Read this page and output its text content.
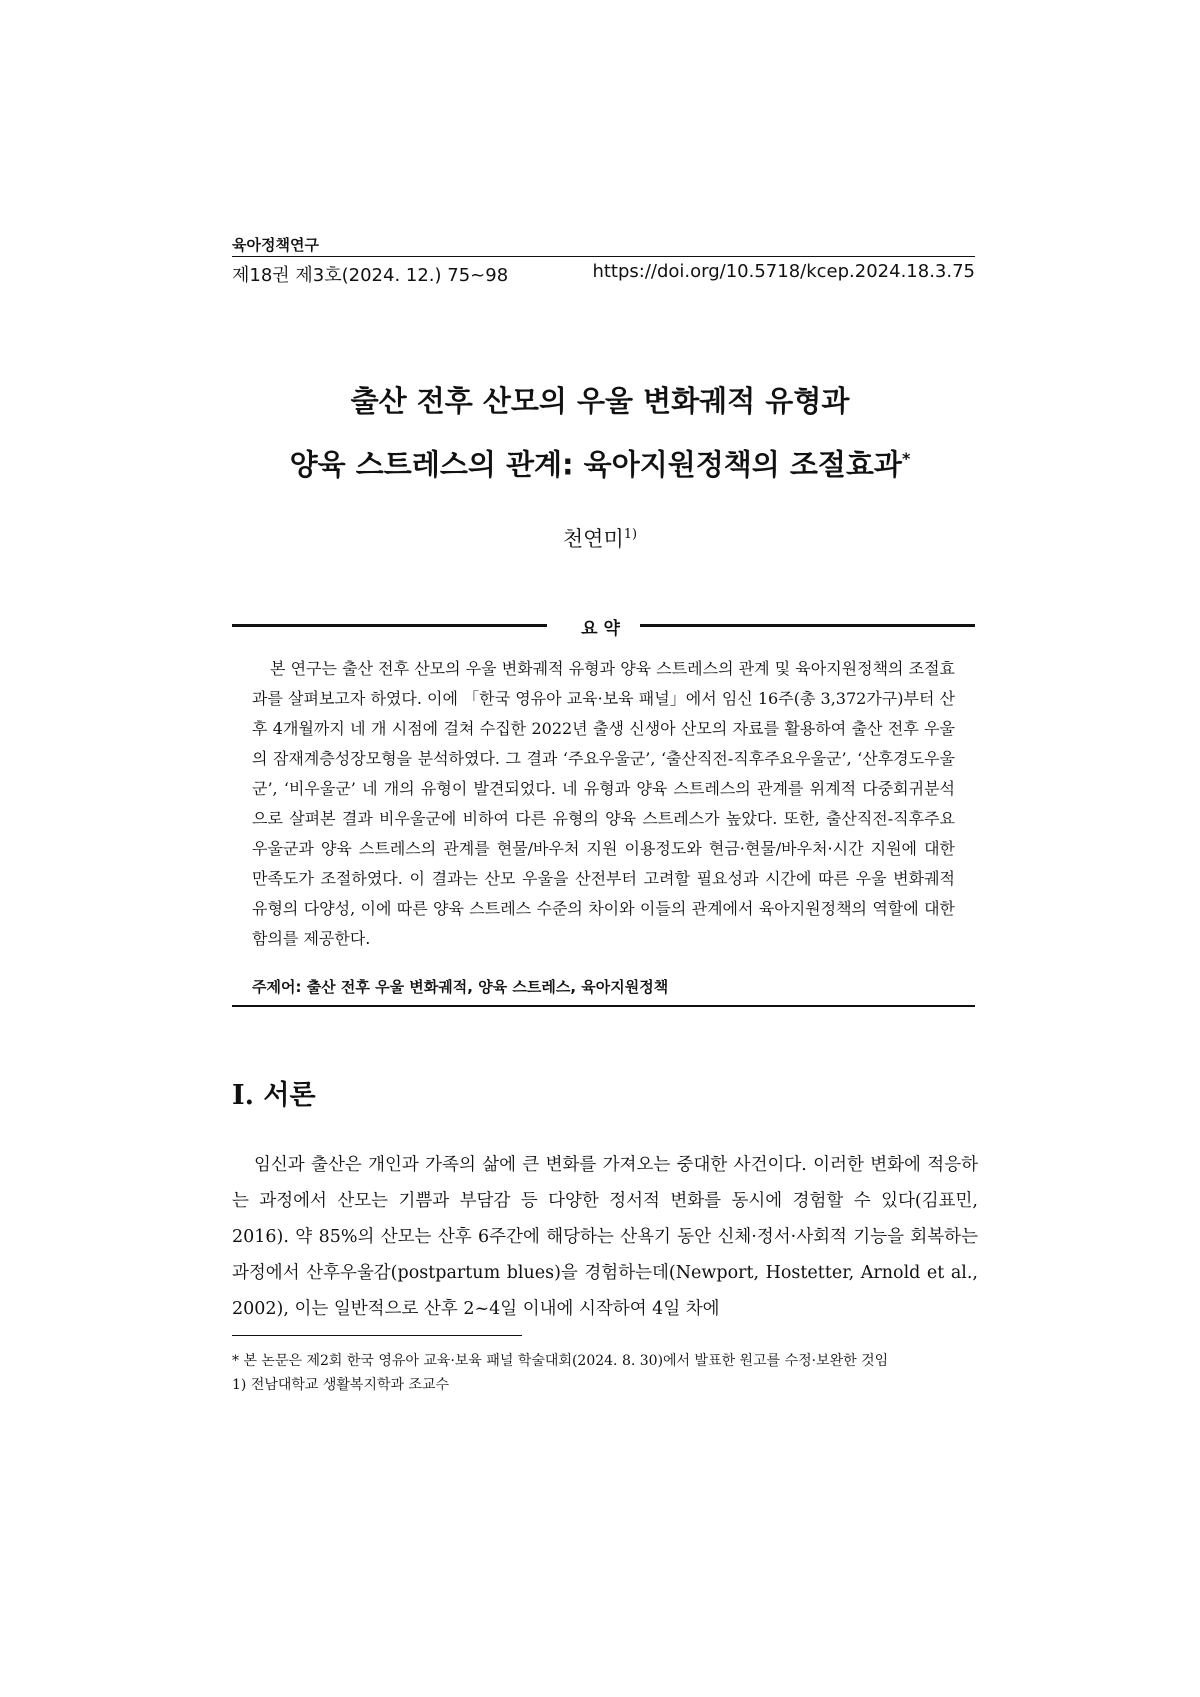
육아정책연구
제18권 제3호(2024. 12.) 75~98	https://doi.org/10.5718/kcep.2024.18.3.75
출산 전후 산모의 우울 변화궤적 유형과
양육 스트레스의 관계: 육아지원정책의 조절효과*
천연미$^{1)}$
요약

본 연구는 출산 전후 산모의 우울 변화궤적 유형과 양육 스트레스의 관계 및 육아지원정책의 조절효과를 살펴보고자 하였다. 이에 「한국 영유아 교육·보육 패널」에서 임신 16주(총 3,372가구)부터 산후 4개월까지 네 개 시점에 걸쳐 수집한 2022년 출생 신생아 산모의 자료를 활용하여 출산 전후 우울의 잠재계층성장모형을 분석하였다. 그 결과 ‘주요우울군’, ‘출산직전-직후주요우울군’, ‘산후경도우울군’, ‘비우울군’ 네 개의 유형이 발견되었다. 네 유형과 양육 스트레스의 관계를 위계적 다중회귀분석으로 살펴본 결과 비우울군에 비하여 다른 유형의 양육 스트레스가 높았다. 또한, 출산직전-직후주요우울군과 양육 스트레스의 관계를 현물/바우처 지원 이용정도와 현금·현물/바우처·시간 지원에 대한 만족도가 조절하였다. 이 결과는 산모 우울을 산전부터 고려할 필요성과 시간에 따른 우울 변화궤적 유형의 다양성, 이에 따른 양육 스트레스 수준의 차이와 이들의 관계에서 육아지원정책의 역할에 대한 함의를 제공한다.

주제어: 출산 전후 우울 변화궤적, 양육 스트레스, 육아지원정책
Ⅰ. 서론

임신과 출산은 개인과 가족의 삶에 큰 변화를 가져오는 중대한 사건이다. 이러한 변화에 적응하는 과정에서 산모는 기쁨과 부담감 등 다양한 정서적 변화를 동시에 경험할 수 있다(김표민, 2016). 약 85%의 산모는 산후 6주간에 해당하는 산욕기 동안 신체·정서·사회적 기능을 회복하는 과정에서 산후우울감(postpartum blues)을 경험하는데(Newport, Hostetter, Arnold et al., 2002), 이는 일반적으로 산후 2~4일 이내에 시작하여 4일 차에

* 본 논문은 제2회 한국 영유아 교육·보육 패널 학술대회(2024. 8. 30)에서 발표한 원고를 수정·보완한 것임
1) 전남대학교 생활복지학과 조교수
